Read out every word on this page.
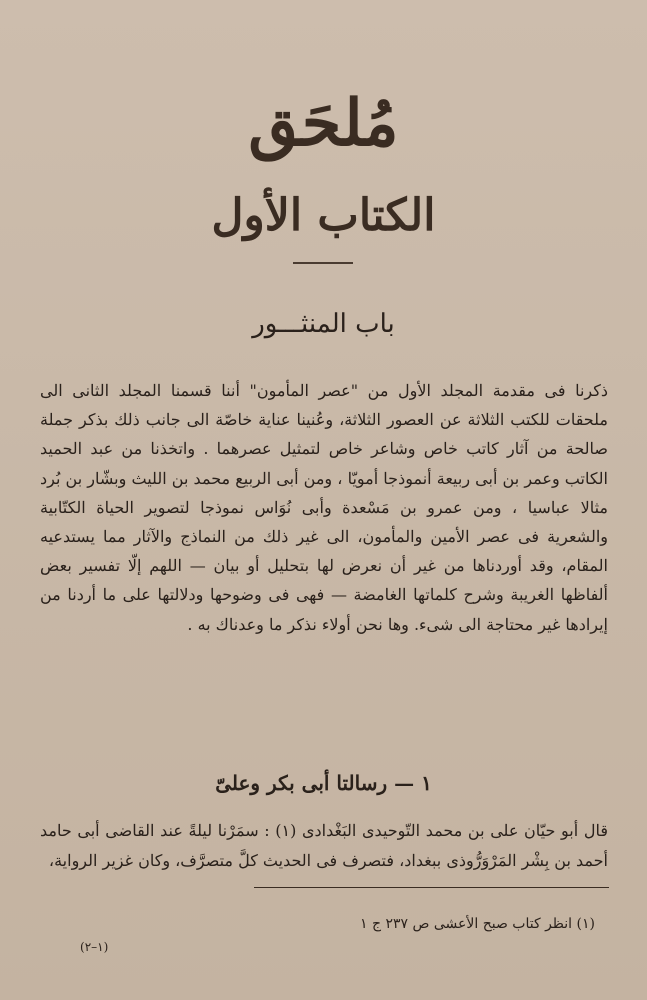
مُلحَق
الكتاب الأول
باب المنثـــور

ذكرنا فى مقدمة المجلد الأول من "عصر المأمون" أننا قسمنا المجلد الثانى الى ملحقات للكتب الثلاثة عن العصور الثلاثة، وعُنينا عناية خاصّة الى جانب ذلك بذكر جملة صالحة من آثار كاتب خاص وشاعر خاص لتمثيل عصرهما . واتخذنا من عبد الحميد الكاتب وعمر بن أبى ربيعة أنموذجا أمويّا ، ومن أبى الربيع محمد بن الليث وبشّار بن بُرد مثالا عباسيا ، ومن عمرو بن مَسْعدة وأبى نُوَاس نموذجا لتصوير الحياة الكتّابية والشعرية فى عصر الأمين والمأمون، الى غير ذلك من النماذج والآثار مما يستدعيه المقام، وقد أوردناها من غير أن نعرض لها بتحليل أو بيان — اللهم إلّا تفسير بعض ألفاظها الغريبة وشرح كلماتها الغامضة — فهى فى وضوحها ودلالتها على ما أردنا من إيرادها غير محتاجة الى شىء. وها نحن أولاء نذكر ما وعدناك به .

١ — رسالتا أبى بكر وعلىّ

قال أبو حيّان على بن محمد التّوحيدى البَغْدادى (١) : سمَرْنا ليلةً عند القاضى أبى حامد أحمد بن بِشْر المَرْوَرُّوذى ببغداد، فتصرف فى الحديث كلَّ متصرَّف، وكان غزير الرواية،

(١) انظر كتاب صبح الأعشى ص ٢٣٧ ج ١

(١–٢)
